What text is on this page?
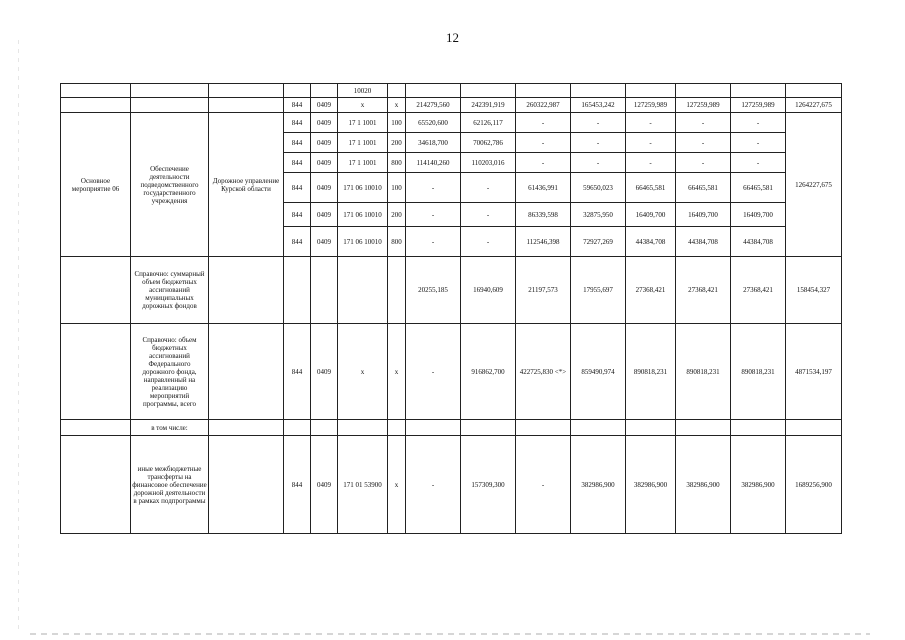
12
					10020									
			844	0409	x	x	214279,560	242391,919	260322,987	165453,242	127259,989	127259,989	127259,989	1264227,675
Основное мероприятие 06	Обеспечение деятельности подведомственного государственного учреждения	Дорожное управление Курской области	844	0409	17 1 1001	100	65520,600	62126,117	-	-	-	-	-	1264227,675
			844	0409	17 1 1001	200	34618,700	70062,786	-	-	-	-	-	
			844	0409	17 1 1001	800	114140,260	110203,016	-	-	-	-	-	
			844	0409	171 06 10010	100	-	-	61436,991	59650,023	66465,581	66465,581	66465,581	
			844	0409	171 06 10010	200	-	-	86339,598	32875,950	16409,700	16409,700	16409,700	
			844	0409	171 06 10010	800	-	-	112546,398	72927,269	44384,708	44384,708	44384,708	
	Справочно: суммарный объем бюджетных ассигнований муниципальных дорожных фондов						20255,185	16940,609	21197,573	17955,697	27368,421	27368,421	27368,421	158454,327
	Справочно: объем бюджетных ассигнований Федерального дорожного фонда, направленный на реализацию мероприятий программы, всего		844	0409	x	x	-	916862,700	422725,830 <*>	859490,974	890818,231	890818,231	890818,231	4871534,197
	в том числе:													
	иные межбюджетные трансферты на финансовое обеспечение дорожной деятельности в рамках подпрограммы		844	0409	171 01 53900	x	-	157309,300	-	382986,900	382986,900	382986,900	382986,900	1689256,900
